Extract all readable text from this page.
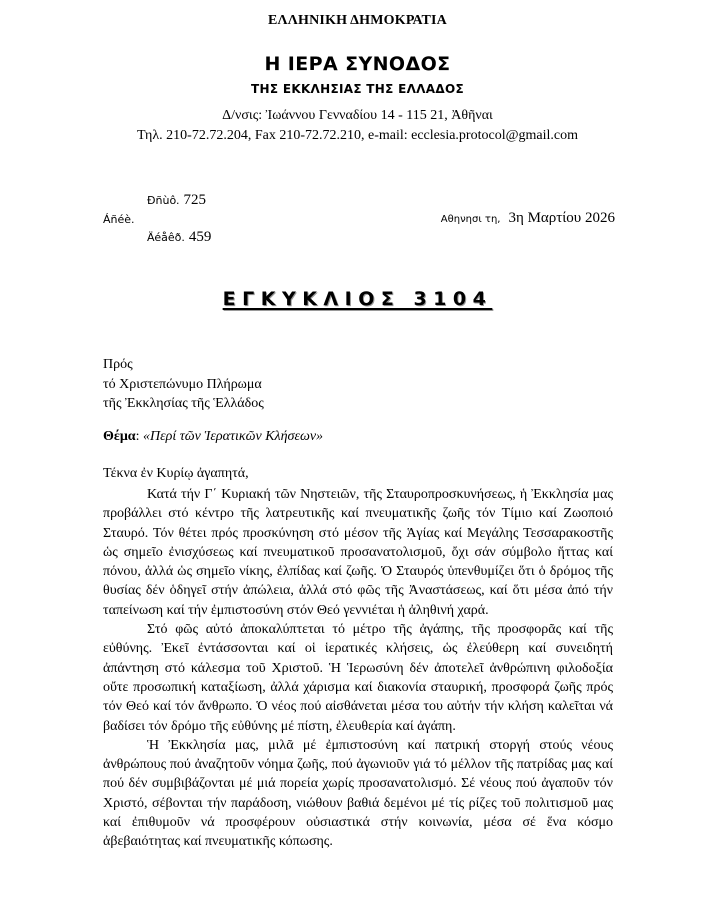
ΕΛΛΗΝΙΚΗ ΔΗΜΟΚΡΑΤΙΑ
Η ΙΕΡΑ ΣΥΝΟΔΟΣ
ΤΗΣ ΕΚΚΛΗΣΙΑΣ ΤΗΣ ΕΛΛΑΔΟΣ
Δ/νσις: Ἰωάννου Γενναδίου 14 - 115 21, Ἀθῆναι
Τηλ. 210-72.72.204, Fax 210-72.72.210, e-mail: ecclesia.protocol@gmail.com
Ðñùô. 725
Áñéè.
Äéåêð. 459
Αθηνησι τη, 3η Μαρτίου 2026
ΕΓΚΥΚΛΙΟΣ 3104
Πρός
τό Χριστεπώνυμο Πλήρωμα
τῆς Ἐκκλησίας τῆς Ἑλλάδος
Θέμα: «Περί τῶν Ἱερατικῶν Κλήσεων»
Τέκνα ἐν Κυρίῳ ἀγαπητά,

Κατά τήν Γ΄ Κυριακή τῶν Νηστειῶν, τῆς Σταυροπροσκυνήσεως, ἡ Ἐκκλησία μας προβάλλει στό κέντρο τῆς λατρευτικῆς καί πνευματικῆς ζωῆς τόν Τίμιο καί Ζωοποιό Σταυρό. Τόν θέτει πρός προσκύνηση στό μέσον τῆς Ἁγίας καί Μεγάλης Τεσσαρακοστῆς ὡς σημεῖο ἐνισχύσεως καί πνευματικοῦ προσανατολισμοῦ, ὄχι σάν σύμβολο ἥττας καί πόνου, ἀλλά ὡς σημεῖο νίκης, ἐλπίδας καί ζωῆς. Ὁ Σταυρός ὑπενθυμίζει ὅτι ὁ δρόμος τῆς θυσίας δέν ὁδηγεῖ στήν ἀπώλεια, ἀλλά στό φῶς τῆς Ἀναστάσεως, καί ὅτι μέσα ἀπό τήν ταπείνωση καί τήν ἐμπιστοσύνη στόν Θεό γεννιέται ἡ ἀληθινή χαρά.

Στό φῶς αὐτό ἀποκαλύπτεται τό μέτρο τῆς ἀγάπης, τῆς προσφορᾶς καί τῆς εὐθύνης. Ἐκεῖ ἐντάσσονται καί οἱ ἱερατικές κλήσεις, ὡς ἐλεύθερη καί συνειδητή ἀπάντηση στό κάλεσμα τοῦ Χριστοῦ. Ἡ Ἱερωσύνη δέν ἀποτελεῖ ἀνθρώπινη φιλοδοξία οὔτε προσωπική καταξίωση, ἀλλά χάρισμα καί διακονία σταυρική, προσφορά ζωῆς πρός τόν Θεό καί τόν ἄνθρωπο. Ὁ νέος πού αἰσθάνεται μέσα του αὐτήν τήν κλήση καλεῖται νά βαδίσει τόν δρόμο τῆς εὐθύνης μέ πίστη, ἐλευθερία καί ἀγάπη.

Ἡ Ἐκκλησία μας, μιλᾶ μέ ἐμπιστοσύνη καί πατρική στοργή στούς νέους ἀνθρώπους πού ἀναζητοῦν νόημα ζωῆς, πού ἀγωνιοῦν γιά τό μέλλον τῆς πατρίδας μας καί πού δέν συμβιβάζονται μέ μιά πορεία χωρίς προσανατολισμό. Σέ νέους πού ἀγαποῦν τόν Χριστό, σέβονται τήν παράδοση, νιώθουν βαθιά δεμένοι μέ τίς ρίζες τοῦ πολιτισμοῦ μας καί ἐπιθυμοῦν νά προσφέρουν οὐσιαστικά στήν κοινωνία, μέσα σέ ἕνα κόσμο ἀβεβαιότητας καί πνευματικῆς κόπωσης.
